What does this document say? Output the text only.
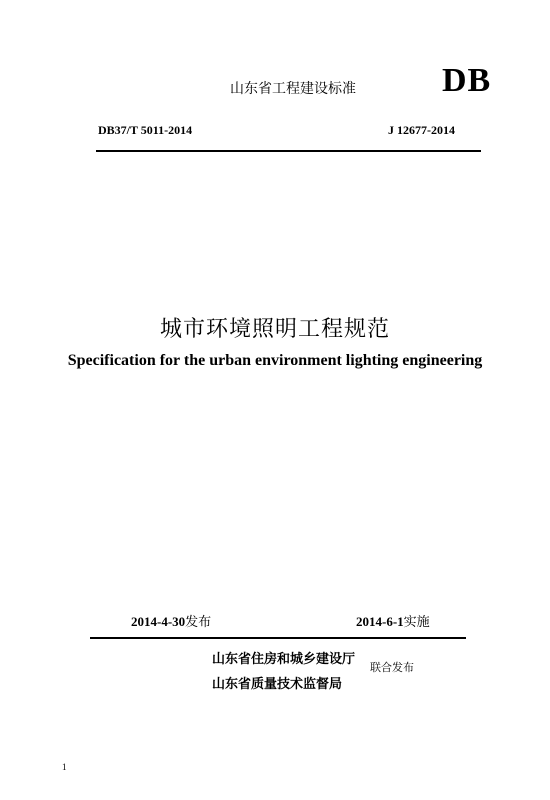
山东省工程建设标准	DB
DB37/T 5011-2014	J 12677-2014
城市环境照明工程规范
Specification for the urban environment lighting engineering
2014-4-30发布	2014-6-1实施
山东省住房和城乡建设厅
山东省质量技术监督局
联合发布
1
